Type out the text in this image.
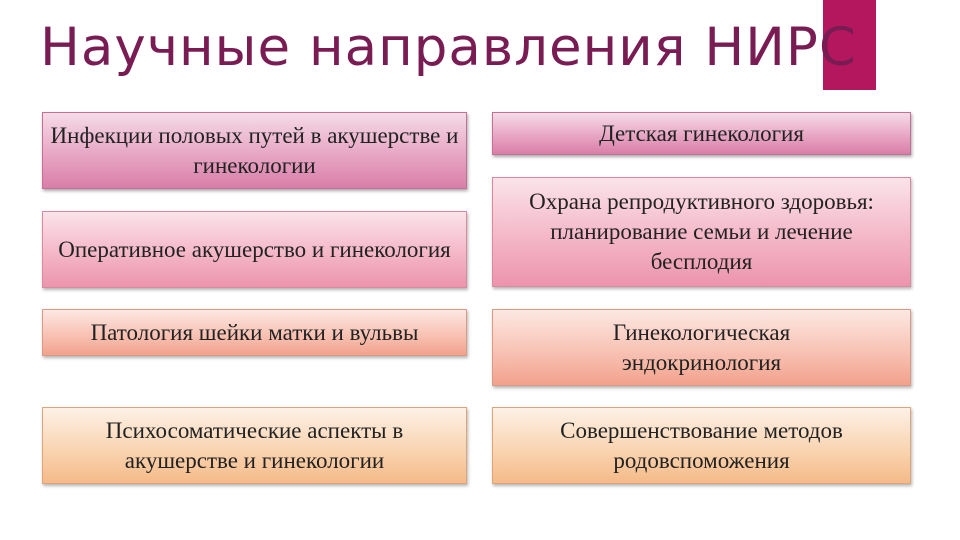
Научные направления НИРС
Инфекции половых путей в акушерстве и гинекологии
Оперативное акушерство и гинекология
Патология шейки матки и вульвы
Психосоматические аспекты в акушерстве и гинекологии
Детская гинекология
Охрана репродуктивного здоровья: планирование семьи и лечение бесплодия
Гинекологическая эндокринология
Совершенствование методов родовспоможения
